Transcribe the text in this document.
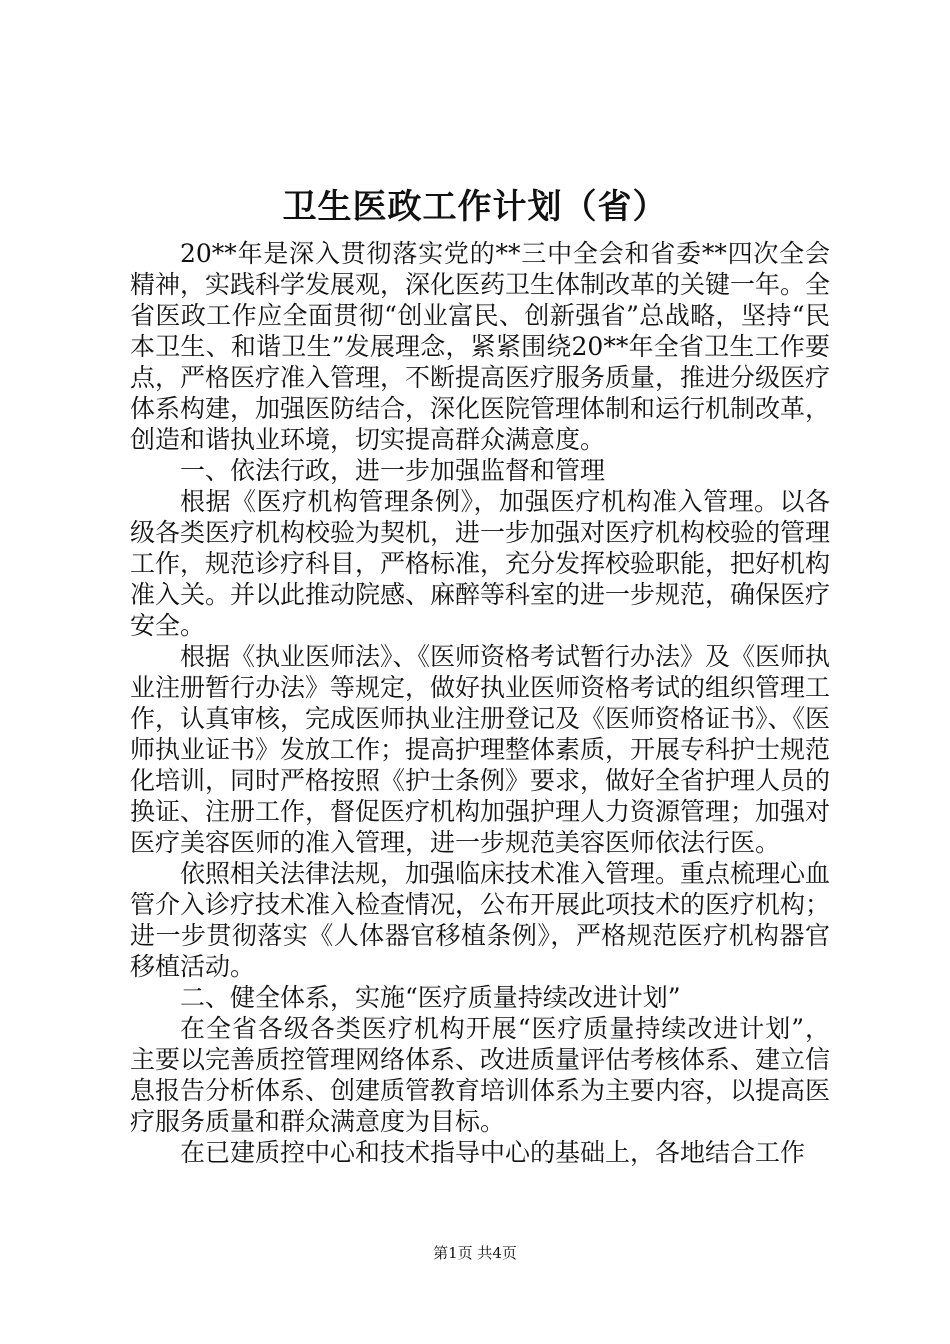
卫生医政工作计划（省）

20**年是深入贯彻落实党的**三中全会和省委**四次全会精神，实践科学发展观，深化医药卫生体制改革的关键一年。全省医政工作应全面贯彻“创业富民、创新强省”总战略，坚持“民本卫生、和谐卫生”发展理念，紧紧围绕20**年全省卫生工作要点，严格医疗准入管理，不断提高医疗服务质量，推进分级医疗体系构建，加强医防结合，深化医院管理体制和运行机制改革，创造和谐执业环境，切实提高群众满意度。

一、依法行政，进一步加强监督和管理

根据《医疗机构管理条例》，加强医疗机构准入管理。以各级各类医疗机构校验为契机，进一步加强对医疗机构校验的管理工作，规范诊疗科目，严格标准，充分发挥校验职能，把好机构准入关。并以此推动院感、麻醉等科室的进一步规范，确保医疗安全。

根据《执业医师法》、《医师资格考试暂行办法》及《医师执业注册暂行办法》等规定，做好执业医师资格考试的组织管理工作，认真审核，完成医师执业注册登记及《医师资格证书》、《医师执业证书》发放工作；提高护理整体素质，开展专科护士规范化培训，同时严格按照《护士条例》要求，做好全省护理人员的换证、注册工作，督促医疗机构加强护理人力资源管理；加强对医疗美容医师的准入管理，进一步规范美容医师依法行医。

依照相关法律法规，加强临床技术准入管理。重点梳理心血管介入诊疗技术准入检查情况，公布开展此项技术的医疗机构；进一步贯彻落实《人体器官移植条例》，严格规范医疗机构器官移植活动。

二、健全体系，实施“医疗质量持续改进计划”

在全省各级各类医疗机构开展“医疗质量持续改进计划”，主要以完善质控管理网络体系、改进质量评估考核体系、建立信息报告分析体系、创建质管教育培训体系为主要内容，以提高医疗服务质量和群众满意度为目标。

在已建质控中心和技术指导中心的基础上，各地结合工作

第1页 共4页
